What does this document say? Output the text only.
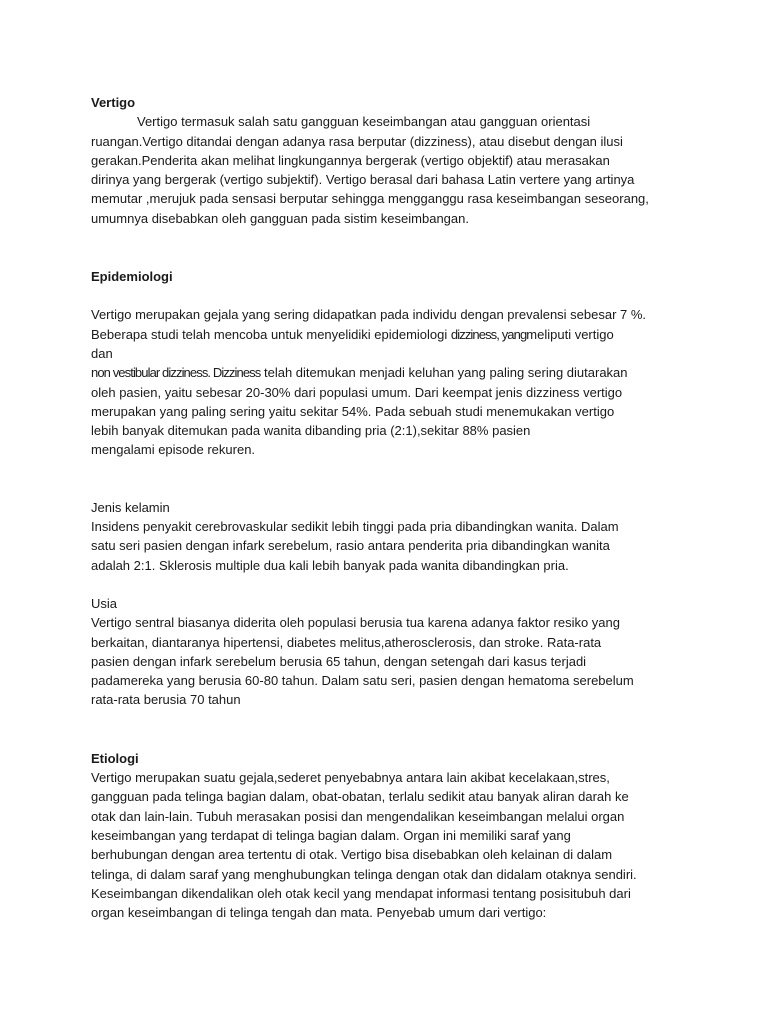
Vertigo
Vertigo termasuk salah satu gangguan keseimbangan atau gangguan orientasi
ruangan.Vertigo ditandai dengan adanya rasa berputar (dizziness), atau disebut dengan ilusi
gerakan.Penderita akan melihat lingkungannya bergerak (vertigo objektif) atau merasakan
dirinya yang bergerak (vertigo subjektif). Vertigo berasal dari bahasa Latin vertere yang artinya
memutar ,merujuk pada sensasi berputar sehingga mengganggu rasa keseimbangan seseorang,
umumnya disebabkan oleh gangguan pada sistim keseimbangan.
Epidemiologi
Vertigo merupakan gejala yang sering didapatkan pada individu dengan prevalensi sebesar 7 %.
Beberapa studi telah mencoba untuk menyelidiki epidemiologi dizziness, yangmeliputi vertigo
dan
non vestibular dizziness. Dizziness telah ditemukan menjadi keluhan yang paling sering diutarakan
oleh pasien, yaitu sebesar 20-30% dari populasi umum. Dari keempat jenis dizziness vertigo
merupakan yang paling sering yaitu sekitar 54%. Pada sebuah studi menemukakan vertigo
lebih banyak ditemukan pada wanita dibanding pria (2:1),sekitar 88% pasien
mengalami episode rekuren.
Jenis kelamin
Insidens penyakit cerebrovaskular sedikit lebih tinggi pada pria dibandingkan wanita. Dalam
satu seri pasien dengan infark serebelum, rasio antara penderita pria dibandingkan wanita
adalah 2:1. Sklerosis multiple dua kali lebih banyak pada wanita dibandingkan pria.
Usia
Vertigo sentral biasanya diderita oleh populasi berusia tua karena adanya faktor resiko yang
berkaitan, diantaranya hipertensi, diabetes melitus,atherosclerosis, dan stroke. Rata-rata
pasien dengan infark serebelum berusia 65 tahun, dengan setengah dari kasus terjadi
padamereka yang berusia 60-80 tahun. Dalam satu seri, pasien dengan hematoma serebelum
rata-rata berusia 70 tahun
Etiologi
Vertigo merupakan suatu gejala,sederet penyebabnya antara lain akibat kecelakaan,stres,
gangguan pada telinga bagian dalam, obat-obatan, terlalu sedikit atau banyak aliran darah ke
otak dan lain-lain. Tubuh merasakan posisi dan mengendalikan keseimbangan melalui organ
keseimbangan yang terdapat di telinga bagian dalam. Organ ini memiliki saraf yang
berhubungan dengan area tertentu di otak. Vertigo bisa disebabkan oleh kelainan di dalam
telinga, di dalam saraf yang menghubungkan telinga dengan otak dan didalam otaknya sendiri.
Keseimbangan dikendalikan oleh otak kecil yang mendapat informasi tentang posisitubuh dari
organ keseimbangan di telinga tengah dan mata. Penyebab umum dari vertigo:
